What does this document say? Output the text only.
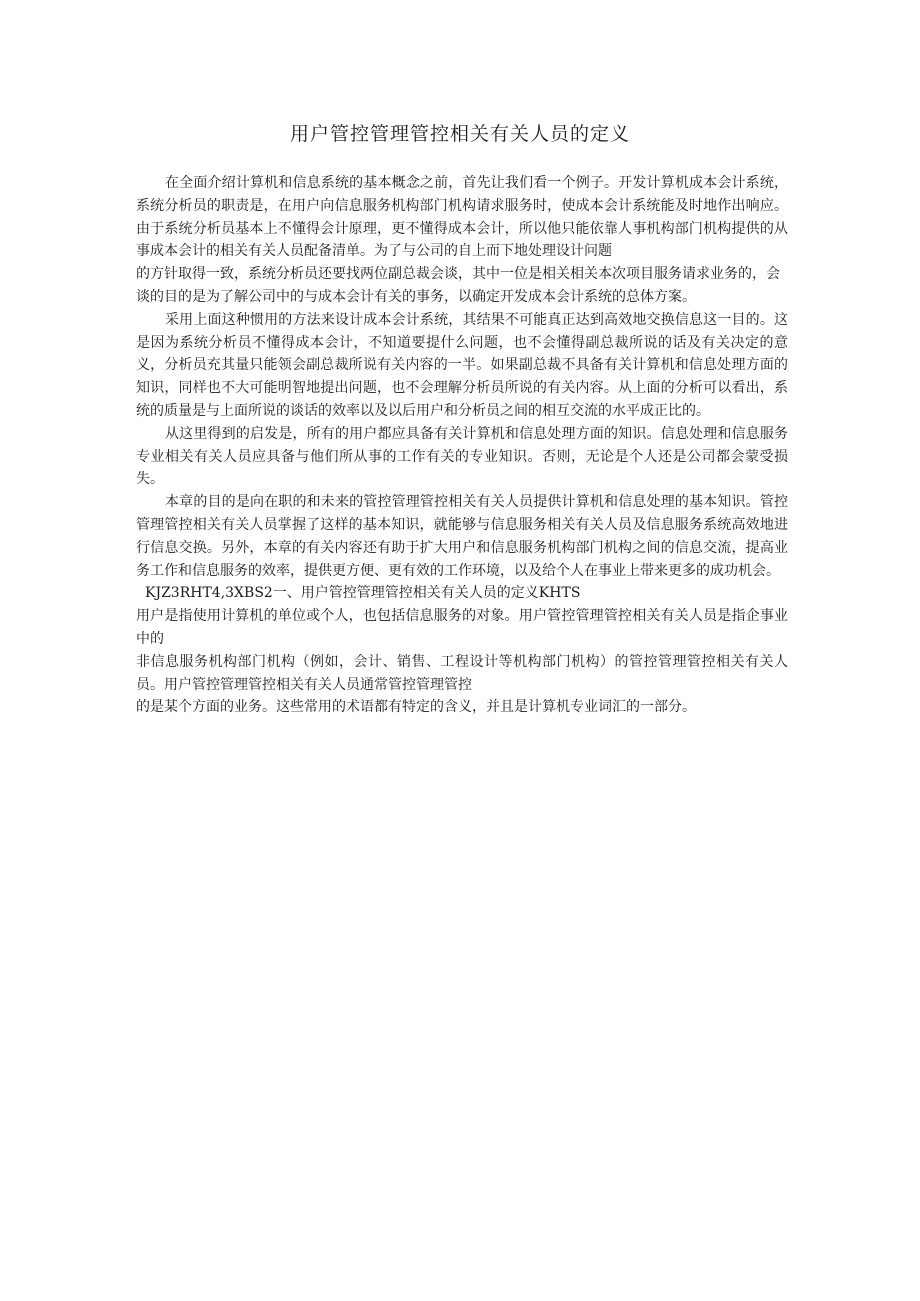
用户管控管理管控相关有关人员的定义

在全面介绍计算机和信息系统的基本概念之前，首先让我们看一个例子。开发计算机成本会计系统，系统分析员的职责是，在用户向信息服务机构部门机构请求服务时，使成本会计系统能及时地作出响应。由于系统分析员基本上不懂得会计原理，更不懂得成本会计，所以他只能依靠人事机构部门机构提供的从事成本会计的相关有关人员配备清单。为了与公司的自上而下地处理设计问题

的方针取得一致，系统分析员还要找两位副总裁会谈，其中一位是相关相关本次项目服务请求业务的，会

谈的目的是为了解公司中的与成本会计有关的事务，以确定开发成本会计系统的总体方案。

采用上面这种惯用的方法来设计成本会计系统，其结果不可能真正达到高效地交换信息这一目的。这是因为系统分析员不懂得成本会计，不知道要提什么问题，也不会懂得副总裁所说的话及有关决定的意义，分析员充其量只能领会副总裁所说有关内容的一半。如果副总裁不具备有关计算机和信息处理方面的知识，同样也不大可能明智地提出问题，也不会理解分析员所说的有关内容。从上面的分析可以看出，系统的质量是与上面所说的谈话的效率以及以后用户和分析员之间的相互交流的水平成正比的。

从这里得到的启发是，所有的用户都应具备有关计算机和信息处理方面的知识。信息处理和信息服务专业相关有关人员应具备与他们所从事的工作有关的专业知识。否则，无论是个人还是公司都会蒙受损失。

本章的目的是向在职的和未来的管控管理管控相关有关人员提供计算机和信息处理的基本知识。管控管理管控相关有关人员掌握了这样的基本知识，就能够与信息服务相关有关人员及信息服务系统高效地进行信息交换。另外，本章的有关内容还有助于扩大用户和信息服务机构部门机构之间的信息交流，提高业务工作和信息服务的效率，提供更方便、更有效的工作环境，以及给个人在事业上带来更多的成功机会。

KJZ3RHT4,3XBS2一、用户管控管理管控相关有关人员的定义KHTS

用户是指使用计算机的单位或个人，也包括信息服务的对象。用户管控管理管控相关有关人员是指企事业中的

非信息服务机构部门机构（例如，会计、销售、工程设计等机构部门机构）的管控管理管控相关有关人员。用户管控管理管控相关有关人员通常管控管理管控

的是某个方面的业务。这些常用的术语都有特定的含义，并且是计算机专业词汇的一部分。
